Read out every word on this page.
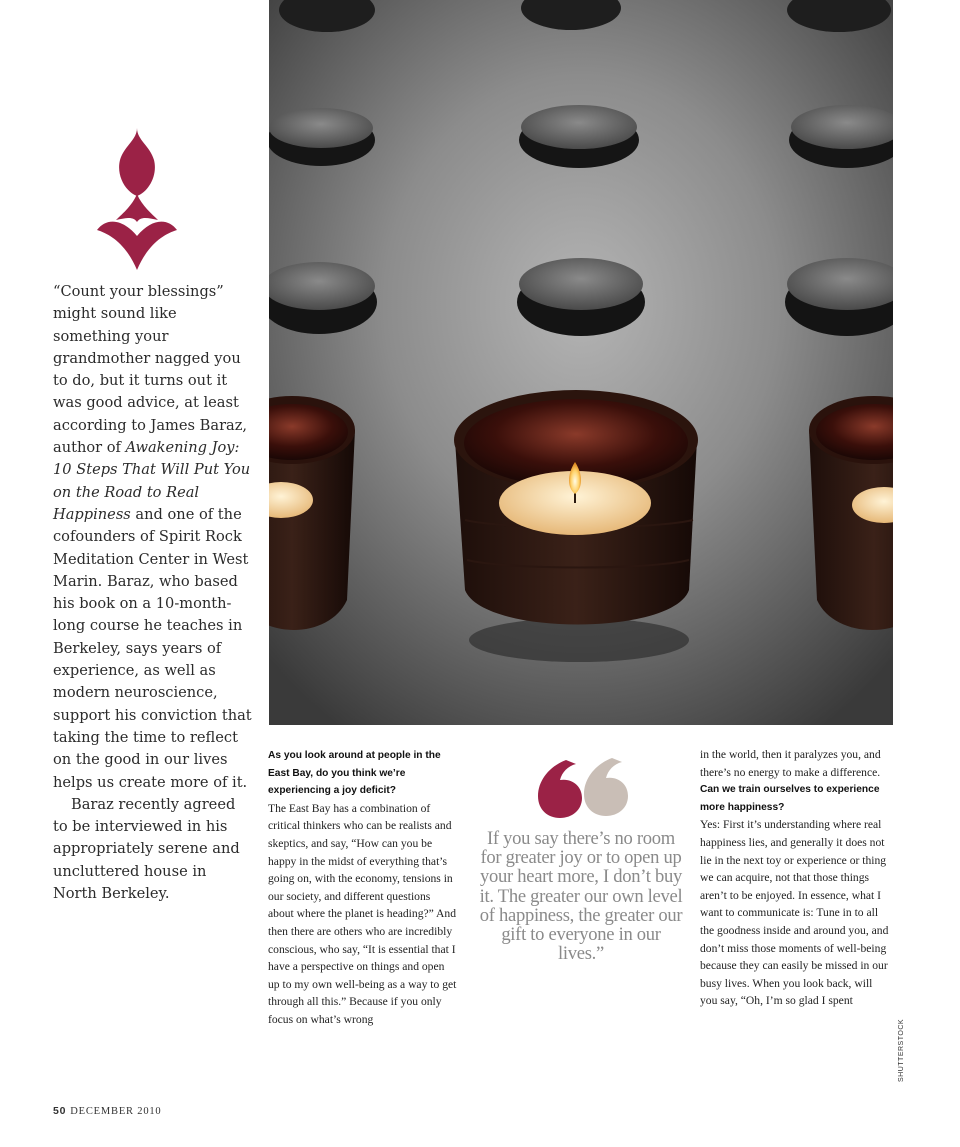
“Count your blessings” might sound like something your grandmother nagged you to do, but it turns out it was good advice, at least according to James Baraz, author of Awakening Joy: 10 Steps That Will Put You on the Road to Real Happiness and one of the cofounders of Spirit Rock Meditation Center in West Marin. Baraz, who based his book on a 10-month-long course he teaches in Berkeley, says years of experience, as well as modern neuroscience, support his conviction that taking the time to reflect on the good in our lives helps us create more of it.

Baraz recently agreed to be interviewed in his appropriately serene and uncluttered house in North Berkeley.

As you look around at people in the East Bay, do you think we’re experiencing a joy deficit?

The East Bay has a combination of critical thinkers who can be realists and skeptics, and say, “How can you be happy in the midst of everything that’s going on, with the economy, tensions in our society, and different questions about where the planet is heading?” And then there are others who are incredibly conscious, who say, “It is essential that I have a perspective on things and open up to my own well-being as a way to get through all this.” Because if you only focus on what’s wrong

If you say there’s no room for greater joy or to open up your heart more, I don’t buy it. The greater our own level of happiness, the greater our gift to everyone in our lives.”

in the world, then it paralyzes you, and there’s no energy to make a difference.

Can we train ourselves to experience more happiness?

Yes: First it’s understanding where real happiness lies, and generally it does not lie in the next toy or experience or thing we can acquire, not that those things aren’t to be enjoyed. In essence, what I want to communicate is: Tune in to all the goodness inside and around you, and don’t miss those moments of well-being because they can easily be missed in our busy lives. When you look back, will you say, “Oh, I’m so glad I spent

SHUTTERSTOCK
50 DECEMBER 2010
